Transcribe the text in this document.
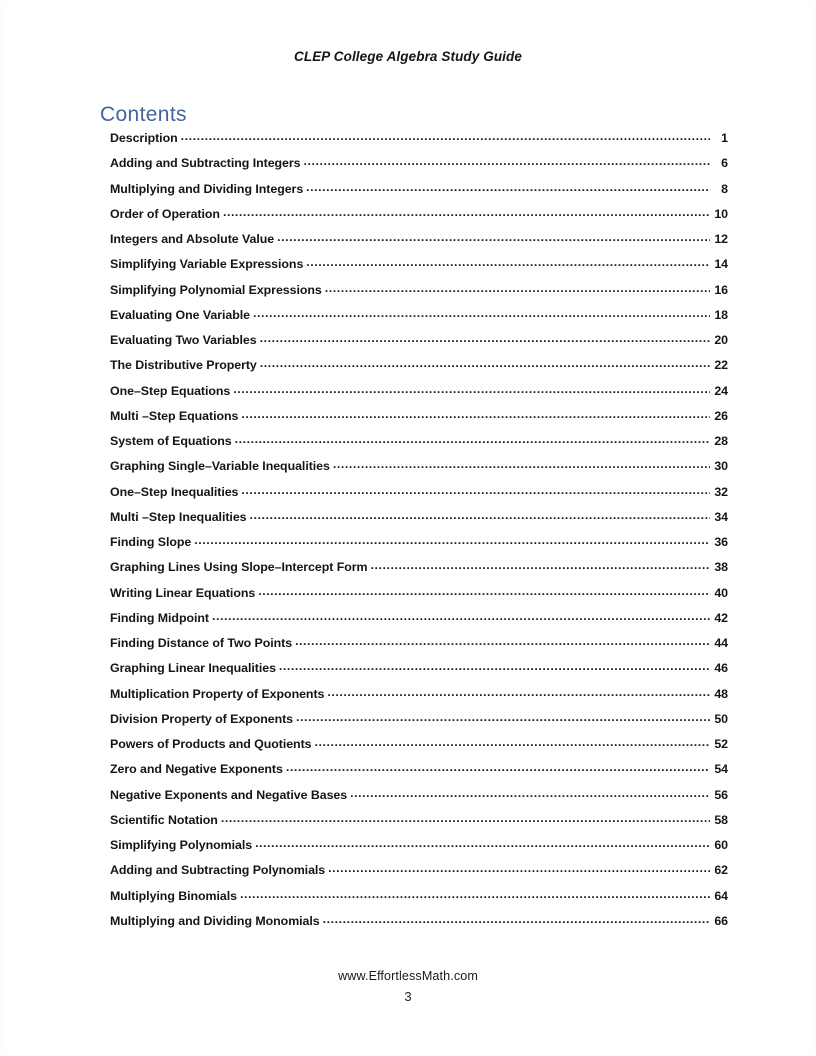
CLEP College Algebra Study Guide
Contents
Description .....	1
Adding and Subtracting Integers .....	6
Multiplying and Dividing Integers .....	8
Order of Operation .....	10
Integers and Absolute Value .....	12
Simplifying Variable Expressions .....	14
Simplifying Polynomial Expressions .....	16
Evaluating One Variable .....	18
Evaluating Two Variables .....	20
The Distributive Property .....	22
One–Step Equations .....	24
Multi –Step Equations .....	26
System of Equations .....	28
Graphing Single–Variable Inequalities .....	30
One–Step Inequalities .....	32
Multi –Step Inequalities .....	34
Finding Slope .....	36
Graphing Lines Using Slope–Intercept Form .....	38
Writing Linear Equations .....	40
Finding Midpoint .....	42
Finding Distance of Two Points .....	44
Graphing Linear Inequalities .....	46
Multiplication Property of Exponents .....	48
Division Property of Exponents .....	50
Powers of Products and Quotients .....	52
Zero and Negative Exponents .....	54
Negative Exponents and Negative Bases .....	56
Scientific Notation .....	58
Simplifying Polynomials .....	60
Adding and Subtracting Polynomials .....	62
Multiplying Binomials .....	64
Multiplying and Dividing Monomials .....	66
www.EffortlessMath.com
3
